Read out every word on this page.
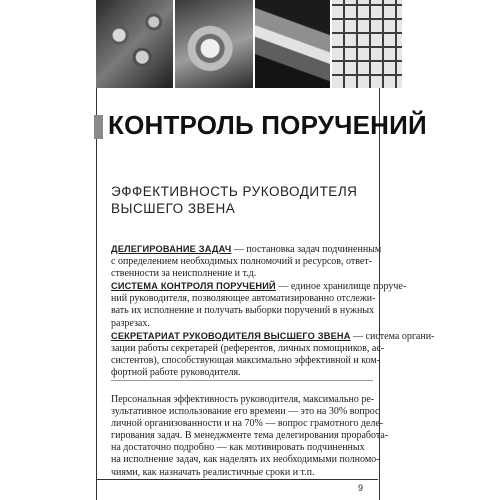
КОНТРОЛЬ ПОРУЧЕНИЙ
ЭФФЕКТИВНОСТЬ РУКОВОДИТЕЛЯ
ВЫСШЕГО ЗВЕНА
ДЕЛЕГИРОВАНИЕ ЗАДАЧ — постановка задач подчиненным
с определением необходимых полномочий и ресурсов, ответ-
ственности за неисполнение и т.д.
СИСТЕМА КОНТРОЛЯ ПОРУЧЕНИЙ — единое хранилище поруче-
ний руководителя, позволяющее автоматизированно отслежи-
вать их исполнение и получать выборки поручений в нужных
разрезах.
СЕКРЕТАРИАТ РУКОВОДИТЕЛЯ ВЫСШЕГО ЗВЕНА — система органи-
зации работы секретарей (референтов, личных помощников, ас-
систентов), способствующая максимально эффективной и ком-
фортной работе руководителя.
Персональная эффективность руководителя, максимально ре-
зультативное использование его времени — это на 30% вопрос
личной организованности и на 70% — вопрос грамотного деле-
гирования задач. В менеджменте тема делегирования проработа-
на достаточно подробно — как мотивировать подчиненных
на исполнение задач, как наделять их необходимыми полномо-
чиями, как назначать реалистичные сроки и т.п.
9
